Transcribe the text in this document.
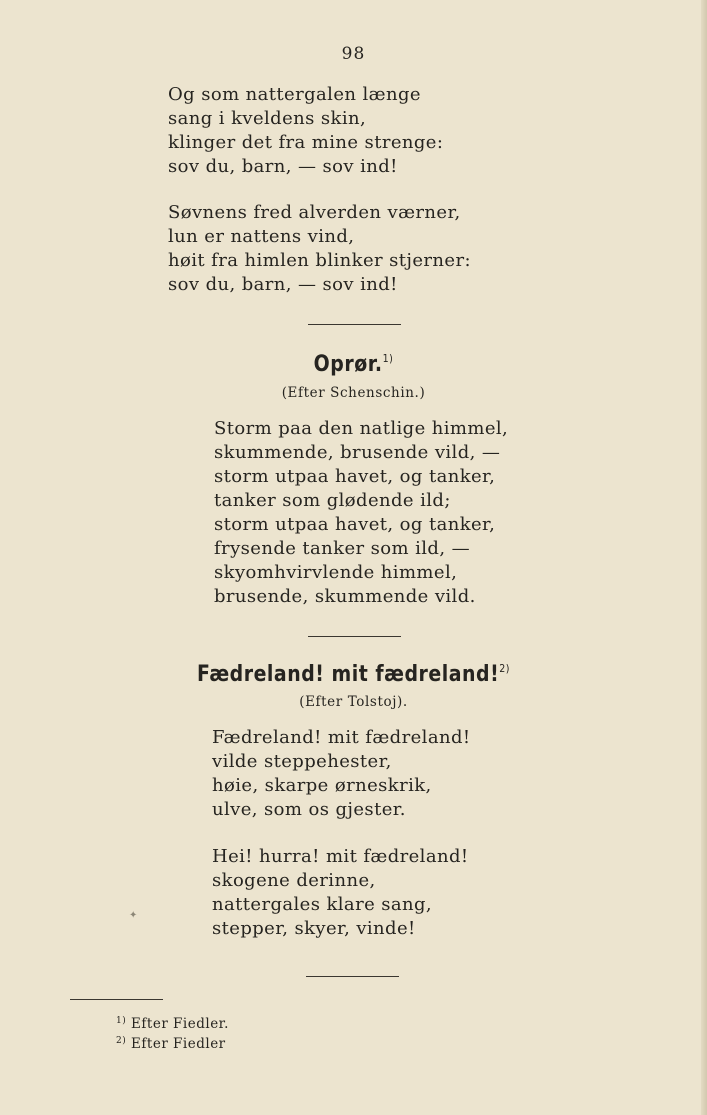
98
Og som nattergalen længe
sang i kveldens skin,
klinger det fra mine strenge:
sov du, barn, — sov ind!
Søvnens fred alverden værner,
lun er nattens vind,
høit fra himlen blinker stjerner:
sov du, barn, — sov ind!
Oprør.$^{1)}$
(Efter Schenschin.)
Storm paa den natlige himmel,
skummende, brusende vild, —
storm utpaa havet, og tanker,
tanker som glødende ild;
storm utpaa havet, og tanker,
frysende tanker som ild, —
skyomhvirvlende himmel,
brusende, skummende vild.
Fædreland! mit fædreland!$^{2)}$
(Efter Tolstoj).
Fædreland! mit fædreland!
vilde steppehester,
høie, skarpe ørneskrik,
ulve, som os gjester.
Hei! hurra! mit fædreland!
skogene derinne,
nattergales klare sang,
stepper, skyer, vinde!
$^{1)}$ Efter Fiedler.
$^{2)}$ Efter Fiedler
✦
